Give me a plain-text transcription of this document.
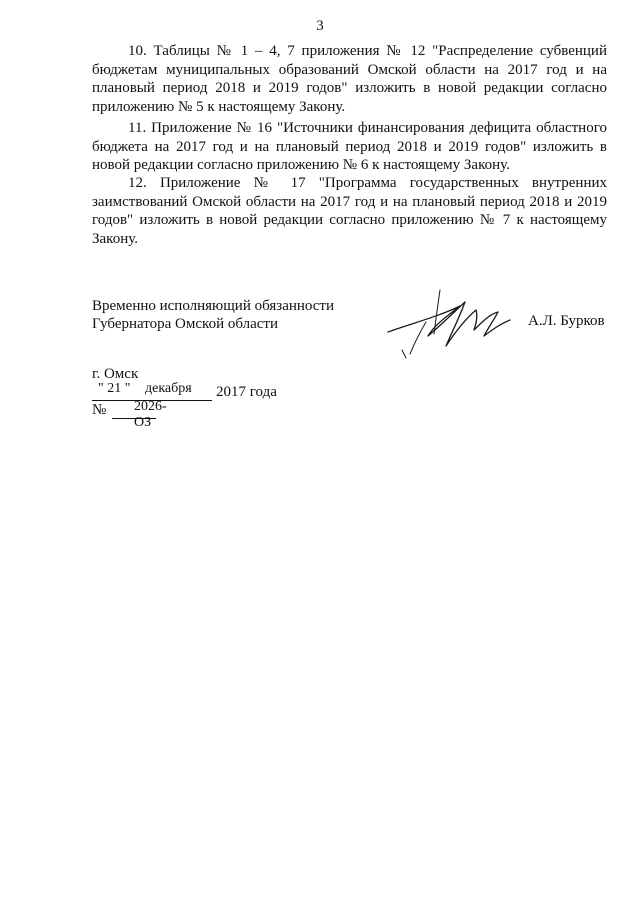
3

10. Таблицы № 1 – 4, 7 приложения № 12 "Распределение субвенций бюджетам муниципальных образований Омской области на 2017 год и на плановый период 2018 и 2019 годов" изложить в новой редакции согласно приложению № 5 к настоящему Закону.

11. Приложение № 16 "Источники финансирования дефицита областного бюджета на 2017 год и на плановый период 2018 и 2019 годов" изложить в новой редакции согласно приложению № 6 к настоящему Закону.

12. Приложение № 17 "Программа государственных внутренних заимствований Омской области на 2017 год и на плановый период 2018 и 2019 годов" изложить в новой редакции согласно приложению № 7 к настоящему Закону.

Временно исполняющий обязанности
Губернатора Омской области	А.Л. Бурков
г. Омск
" 21 " декабря 2017 года
№ 2026-ОЗ
